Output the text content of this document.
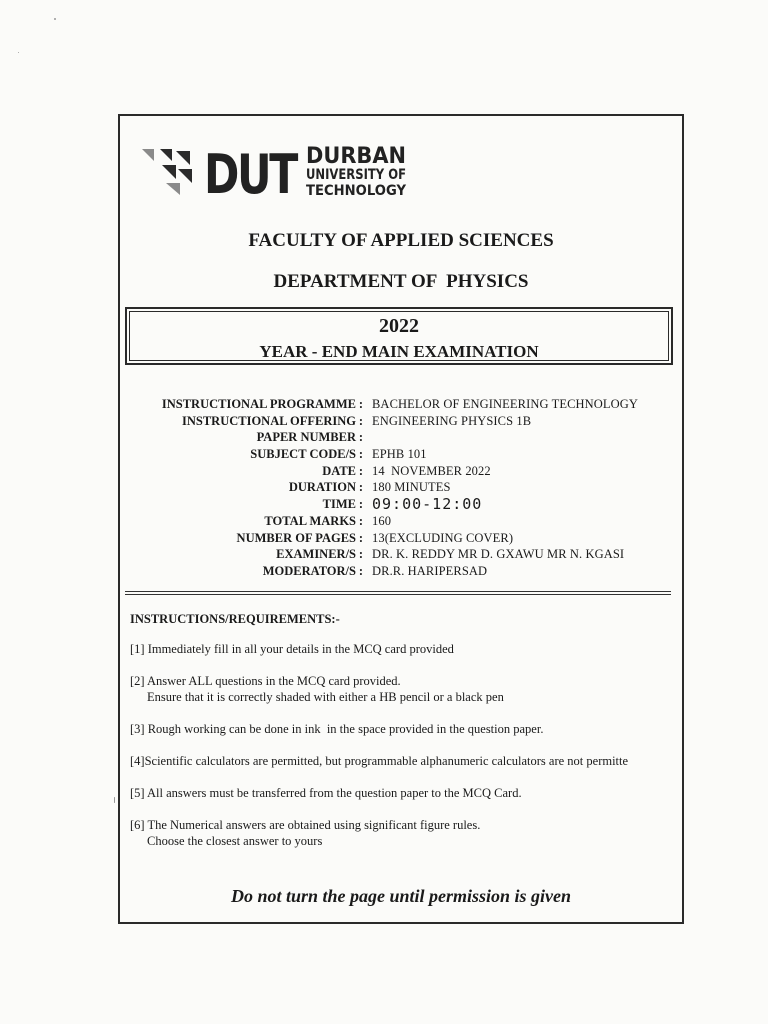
DUT DURBAN
UNIVERSITY OF
TECHNOLOGY
FACULTY OF APPLIED SCIENCES
DEPARTMENT OF  PHYSICS
2022
YEAR - END MAIN EXAMINATION
INSTRUCTIONAL PROGRAMME : BACHELOR OF ENGINEERING TECHNOLOGY
INSTRUCTIONAL OFFERING : ENGINEERING PHYSICS 1B
PAPER NUMBER :
SUBJECT CODE/S : EPHB 101
DATE : 14  NOVEMBER 2022
DURATION : 180 MINUTES
TIME : 09:00-12:00
TOTAL MARKS : 160
NUMBER OF PAGES : 13(EXCLUDING COVER)
EXAMINER/S : DR. K. REDDY MR D. GXAWU MR N. KGASI
MODERATOR/S : DR.R. HARIPERSAD
INSTRUCTIONS/REQUIREMENTS:-
[1] Immediately fill in all your details in the MCQ card provided
[2] Answer ALL questions in the MCQ card provided.
Ensure that it is correctly shaded with either a HB pencil or a black pen
[3] Rough working can be done in ink  in the space provided in the question paper.
[4]Scientific calculators are permitted, but programmable alphanumeric calculators are not permitte
[5] All answers must be transferred from the question paper to the MCQ Card.
[6] The Numerical answers are obtained using significant figure rules.
Choose the closest answer to yours
Do not turn the page until permission is given
